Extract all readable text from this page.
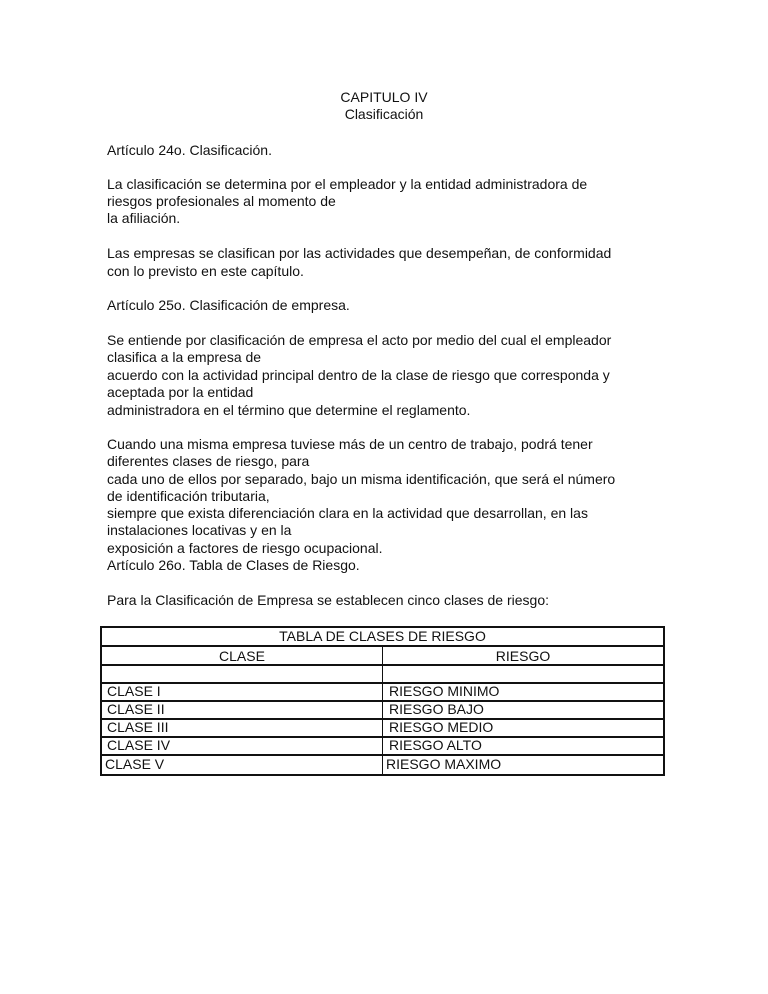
CAPITULO IV
Clasificación
Artículo 24o. Clasificación.
La clasificación se determina por el empleador y la entidad administradora de
riesgos profesionales al momento de
la afiliación.
Las empresas se clasifican por las actividades que desempeñan, de conformidad
con lo previsto en este capítulo.
Artículo 25o. Clasificación de empresa.
Se entiende por clasificación de empresa el acto por medio del cual el empleador
clasifica a la empresa de
acuerdo con la actividad principal dentro de la clase de riesgo que corresponda y
aceptada por la entidad
administradora en el término que determine el reglamento.
Cuando una misma empresa tuviese más de un centro de trabajo, podrá tener
diferentes clases de riesgo, para
cada uno de ellos por separado, bajo un misma identificación, que será el número
de identificación tributaria,
siempre que exista diferenciación clara en la actividad que desarrollan, en las
instalaciones locativas y en la
exposición a factores de riesgo ocupacional.
Artículo 26o. Tabla de Clases de Riesgo.
Para la Clasificación de Empresa se establecen cinco clases de riesgo:
TABLA DE CLASES DE RIESGO
CLASE	RIESGO
CLASE I	RIESGO MINIMO
CLASE II	RIESGO BAJO
CLASE III	RIESGO MEDIO
CLASE IV	RIESGO ALTO
CLASE V	RIESGO MAXIMO
